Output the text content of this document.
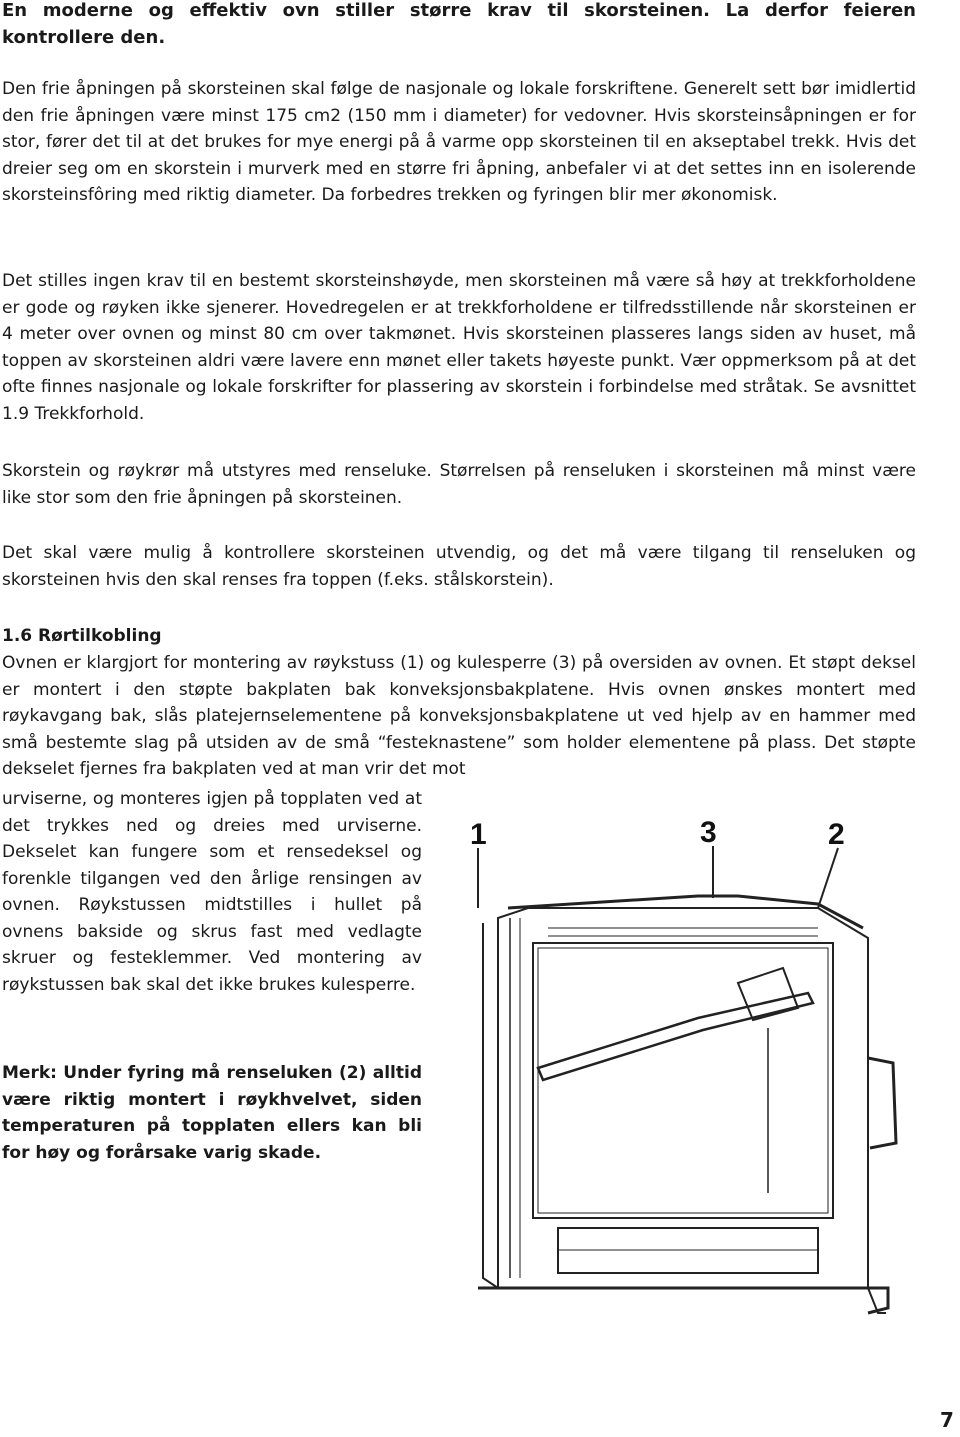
En moderne og effektiv ovn stiller større krav til skorsteinen. La derfor feieren kontrollere den.

Den frie åpningen på skorsteinen skal følge de nasjonale og lokale forskriftene. Generelt sett bør imidlertid den frie åpningen være minst 175 cm2 (150 mm i diameter) for vedovner. Hvis skorsteinsåpningen er for stor, fører det til at det brukes for mye energi på å varme opp skorsteinen til en akseptabel trekk. Hvis det dreier seg om en skorstein i murverk med en større fri åpning, anbefaler vi at det settes inn en isolerende skorsteinsfôring med riktig diameter. Da forbedres trekken og fyringen blir mer økonomisk.

Det stilles ingen krav til en bestemt skorsteinshøyde, men skorsteinen må være så høy at trekkforholdene er gode og røyken ikke sjenerer. Hovedregelen er at trekkforholdene er tilfredsstillende når skorsteinen er 4 meter over ovnen og minst 80 cm over takmønet. Hvis skorsteinen plasseres langs siden av huset, må toppen av skorsteinen aldri være lavere enn mønet eller takets høyeste punkt. Vær oppmerksom på at det ofte finnes nasjonale og lokale forskrifter for plassering av skorstein i forbindelse med stråtak. Se avsnittet 1.9 Trekkforhold.

Skorstein og røykrør må utstyres med renseluke. Størrelsen på renseluken i skorsteinen må minst være like stor som den frie åpningen på skorsteinen.

Det skal være mulig å kontrollere skorsteinen utvendig, og det må være tilgang til renseluken og skorsteinen hvis den skal renses fra toppen (f.eks. stålskorstein).

1.6 Rørtilkobling

Ovnen er klargjort for montering av røykstuss (1) og kulesperre (3) på oversiden av ovnen. Et støpt deksel er montert i den støpte bakplaten bak konveksjonsbakplatene. Hvis ovnen ønskes montert med røykavgang bak, slås platejernselementene på konveksjonsbakplatene ut ved hjelp av en hammer med små bestemte slag på utsiden av de små “festeknastene” som holder elementene på plass. Det støpte dekselet fjernes fra bakplaten ved at man vrir det mot

urviserne, og monteres igjen på topplaten ved at det trykkes ned og dreies med urviserne. Dekselet kan fungere som et rensedeksel og forenkle tilgangen ved den årlige rensingen av ovnen. Røykstussen midtstilles i hullet på ovnens bakside og skrus fast med vedlagte skruer og festeklemmer. Ved montering av røykstussen bak skal det ikke brukes kulesperre.

Merk: Under fyring må renseluken (2) alltid være riktig montert i røykhvelvet, siden temperaturen på topplaten ellers kan bli for høy og forårsake varig skade.

1	3	2

7
